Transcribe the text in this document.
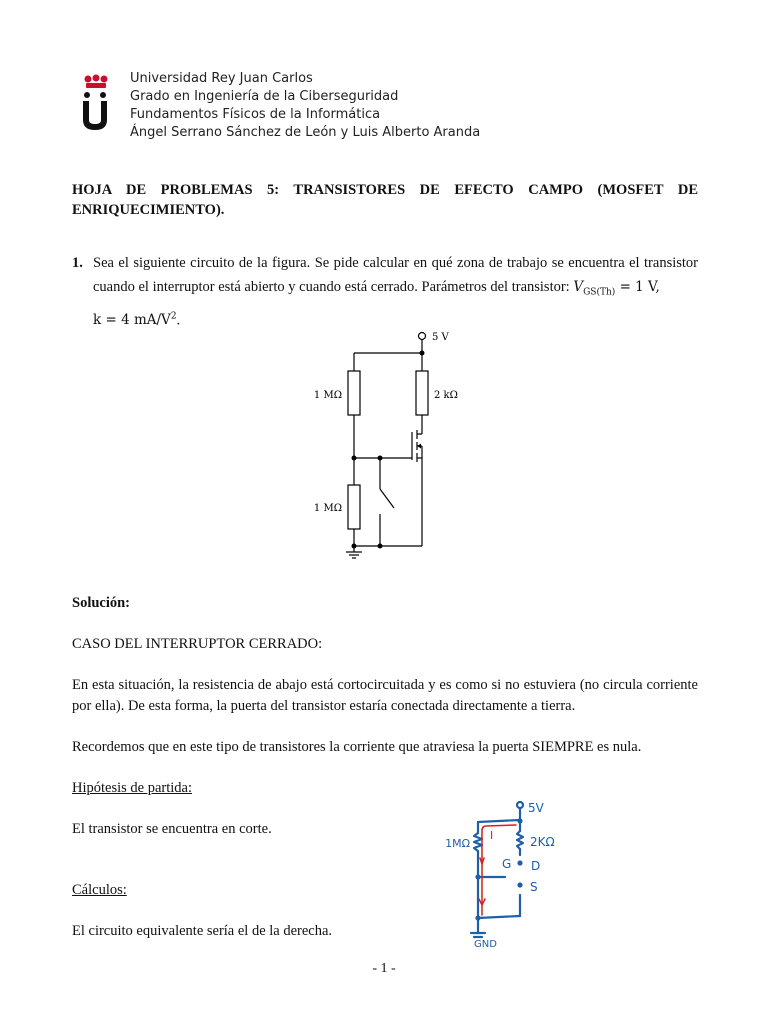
Universidad Rey Juan Carlos
Grado en Ingeniería de la Ciberseguridad
Fundamentos Físicos de la Informática
Ángel Serrano Sánchez de León y Luis Alberto Aranda
HOJA DE PROBLEMAS 5: TRANSISTORES DE EFECTO CAMPO (MOSFET DE ENRIQUECIMIENTO).
1. Sea el siguiente circuito de la figura. Se pide calcular en qué zona de trabajo se encuentra el transistor cuando el interruptor está abierto y cuando está cerrado. Parámetros del transistor: $V_{GS(Th)} = 1$ V,
k = 4 $mA/V^2$.
5 V
1 MΩ	2 kΩ
1 MΩ
Solución:
CASO DEL INTERRUPTOR CERRADO:
En esta situación, la resistencia de abajo está cortocircuitada y es como si no estuviera (no circula corriente por ella). De esta forma, la puerta del transistor estaría conectada directamente a tierra.
Recordemos que en este tipo de transistores la corriente que atraviesa la puerta SIEMPRE es nula.
Hipótesis de partida:
El transistor se encuentra en corte.
Cálculos:
El circuito equivalente sería el de la derecha.
5V
I
1MΩ	2KΩ
G D
S
GND
- 1 -
